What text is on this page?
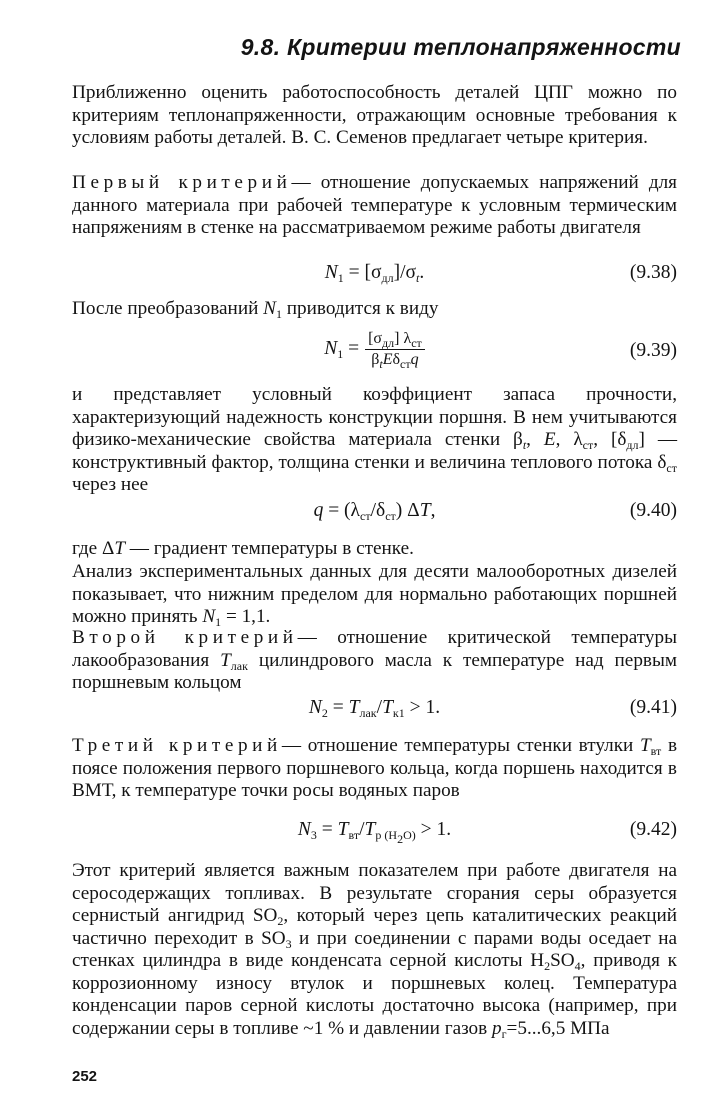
9.8. Критерии теплонапряженности
Приближенно оценить работоспособность деталей ЦПГ можно по критериям теплонапряженности, отражающим основные требования к условиям работы деталей. В. С. Семенов предлагает четыре критерия.
Первый критерий— отношение допускаемых напряжений для данного материала при рабочей температуре к условным термическим напряжениям в стенке на рассматриваемом режиме работы двигателя
$N_1 = [\sigma_{дл}]/\sigma_t$.	(9.38)
После преобразований $N_1$ приводится к виду
$N_1 = \frac{[\sigma_{дл}] \lambda_{ст}}{\beta_tE\delta_{ст}q}$	(9.39)
и представляет условный коэффициент запаса прочности, характеризующий надежность конструкции поршня. В нем учитываются физико-механические свойства материала стенки $\beta_t$, E, $\lambda_{ст}$, $[\delta_{дл}]$ — конструктивный фактор, толщина стенки и величина теплового потока $\delta_{ст}$ через нее
$q = (\lambda_{ст}/\delta_{ст})$ ΔT,	(9.40)
где ΔT — градиент температуры в стенке.
Анализ экспериментальных данных для десяти малооборотных дизелей показывает, что нижним пределом для нормально работающих поршней можно принять $N_1 = 1,1$.
Второй критерий— отношение критической температуры лакообразования $T_{лак}$ цилиндрового масла к температуре над первым поршневым кольцом
$N_2 = T_{лак}/T_{к1} > 1$.	(9.41)
Третий критерий— отношение температуры стенки втулки $T_{вт}$ в поясе положения первого поршневого кольца, когда поршень находится в ВМТ, к температуре точки росы водяных паров
$N_3 = T_{вт}/T_{р (H_2O)} > 1$.	(9.42)
Этот критерий является важным показателем при работе двигателя на серосодержащих топливах. В результате сгорания серы образуется сернистый ангидрид $SO_2$, который через цепь каталитических реакций частично переходит в $SO_3$ и при соединении с парами воды оседает на стенках цилиндра в виде конденсата серной кислоты $H_2SO_4$, приводя к коррозионному износу втулок и поршневых колец. Температура конденсации паров серной кислоты достаточно высока (например, при содержании серы в топливе ~1 % и давлении газов $p_г=5...6,5$ МПа
252
